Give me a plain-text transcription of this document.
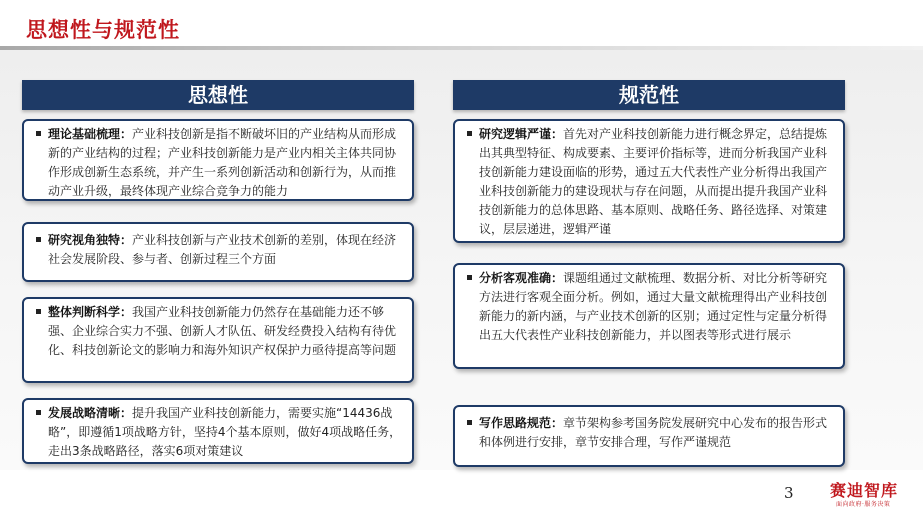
思想性与规范性
思想性
理论基础梳理：产业科技创新是指不断破坏旧的产业结构从而形成新的产业结构的过程；产业科技创新能力是产业内相关主体共同协作形成创新生态系统，并产生一系列创新活动和创新行为，从而推动产业升级，最终体现产业综合竞争力的能力
研究视角独特：产业科技创新与产业技术创新的差别，体现在经济社会发展阶段、参与者、创新过程三个方面
整体判断科学：我国产业科技创新能力仍然存在基础能力还不够强、企业综合实力不强、创新人才队伍、研发经费投入结构有待优化、科技创新论文的影响力和海外知识产权保护力亟待提高等问题
发展战略清晰：提升我国产业科技创新能力，需要实施“14436战略”，即遵循1项战略方针，坚持4个基本原则，做好4项战略任务，走出3条战略路径，落实6项对策建议
规范性
研究逻辑严谨：首先对产业科技创新能力进行概念界定，总结提炼出其典型特征、构成要素、主要评价指标等，进而分析我国产业科技创新能力建设面临的形势，通过五大代表性产业分析得出我国产业科技创新能力的建设现状与存在问题，从而提出提升我国产业科技创新能力的总体思路、基本原则、战略任务、路径选择、对策建议，层层递进，逻辑严谨
分析客观准确：课题组通过文献梳理、数据分析、对比分析等研究方法进行客观全面分析。例如，通过大量文献梳理得出产业科技创新能力的新内涵，与产业技术创新的区别；通过定性与定量分析得出五大代表性产业科技创新能力，并以图表等形式进行展示
写作思路规范：章节架构参考国务院发展研究中心发布的报告形式和体例进行安排，章节安排合理，写作严谨规范
3 赛迪智库
面向政府·服务决策
